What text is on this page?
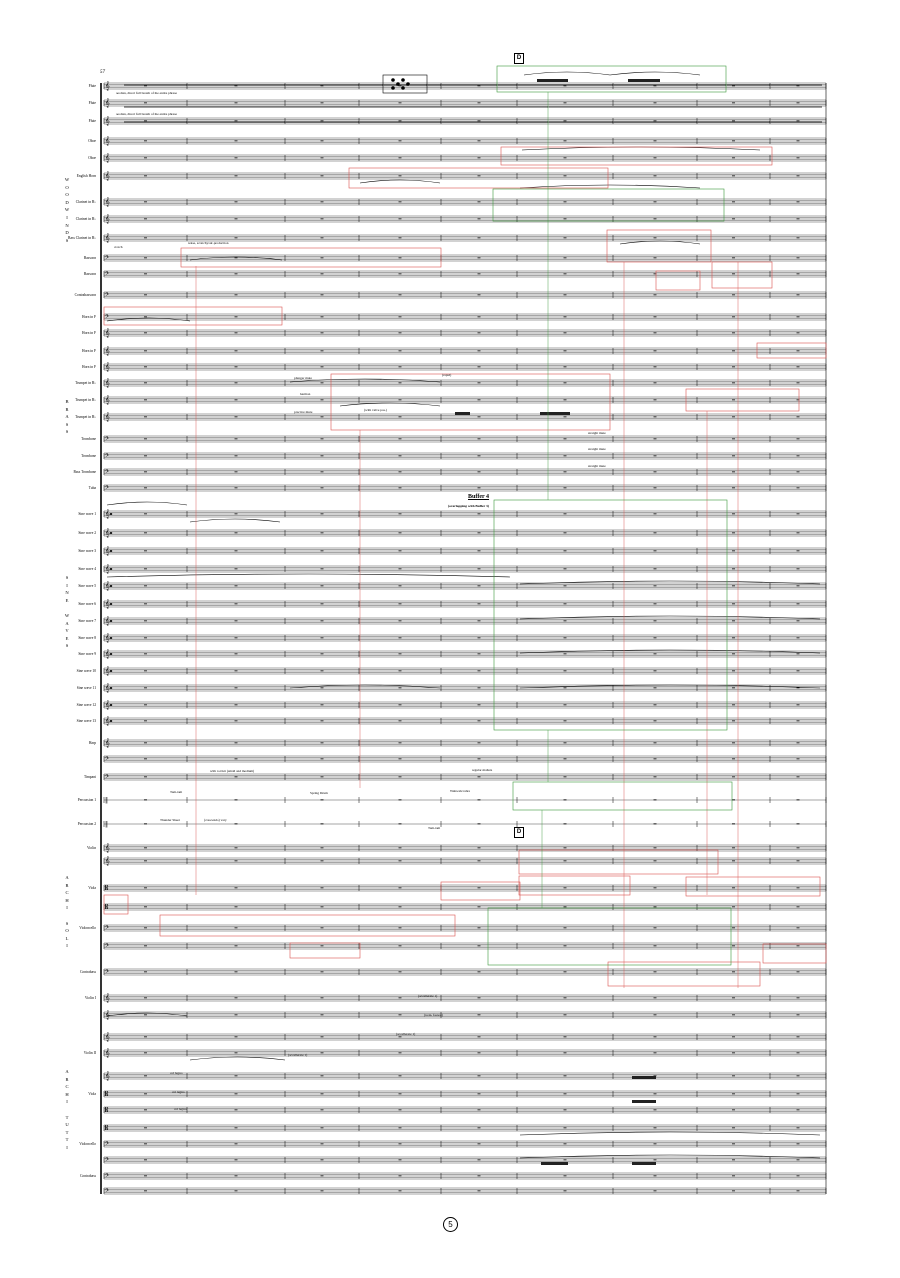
𝄞
𝄞
𝄞
𝄞
𝄞
𝄞
𝄞
𝄞
𝄞
𝄢
𝄢
𝄢
𝄢
𝄞
𝄞
𝄞
𝄞
𝄞
𝄞
𝄢
𝄢
𝄢
𝄢
𝄞
𝄞
𝄞
𝄞
𝄞
𝄞
𝄞
𝄞
𝄞
𝄞
𝄞
𝄞
𝄞
𝄞
𝄢
𝄢
‖
‖
𝄞
𝄞
𝄡
𝄡
𝄢
𝄢
𝄢
𝄞
𝄞
𝄞
𝄞
𝄞
𝄡
𝄡
𝄡
𝄢
𝄢
𝄢
𝄢
Flute
Flute
Flute
Oboe
Oboe
English Horn
Clarinet in B♭
Clarinet in B♭
Bass Clarinet in B♭
Bassoon
Bassoon
Contrabassoon
Horn in F
Horn in F
Horn in F
Horn in F
Trumpet in B♭
Trumpet in B♭
Trumpet in B♭
Trombone
Trombone
Bass Trombone
Tuba
Sine wave 1
Sine wave 2
Sine wave 3
Sine wave 4
Sine wave 5
Sine wave 6
Sine wave 7
Sine wave 8
Sine wave 9
Sine wave 10
Sine wave 11
Sine wave 12
Sine wave 13
Harp
Timpani
Percussion 1
Percussion 2
Violin
Viola
Violoncello
Contrabass
Violin I
Violin II
Viola
Violoncello
Contrabass
W
O
O
D
W
I
N
D
S
B
R
A
S
S
S
I
N
E

W
A
V
E
S
A
R
C
H
I

S
O
L
I
A
R
C
H
I

T
U
T
T
I
aeolian, direct full breath of the entire phrase
aeolian, direct full breath of the entire phrase
crotch
noise, scratchy/air-production
plunger mute
harmon
practice mute	(with valve pos.)
(rapid)
straight mute
straight mute
straight mute
with rod ktr (small and medium)	regular mallets
Tam-tam	Spring Drum	Wahwah/cabra
Thunder Sheet	(crescendo) vary
Tam-tam
(accellerate 1)
(trem. fastest)
(accellerate 1)
(accellerate 1)
col legno
col legno
col legno
57
D
D
Buffer 4
(overlapping with Buffer 3)
5
